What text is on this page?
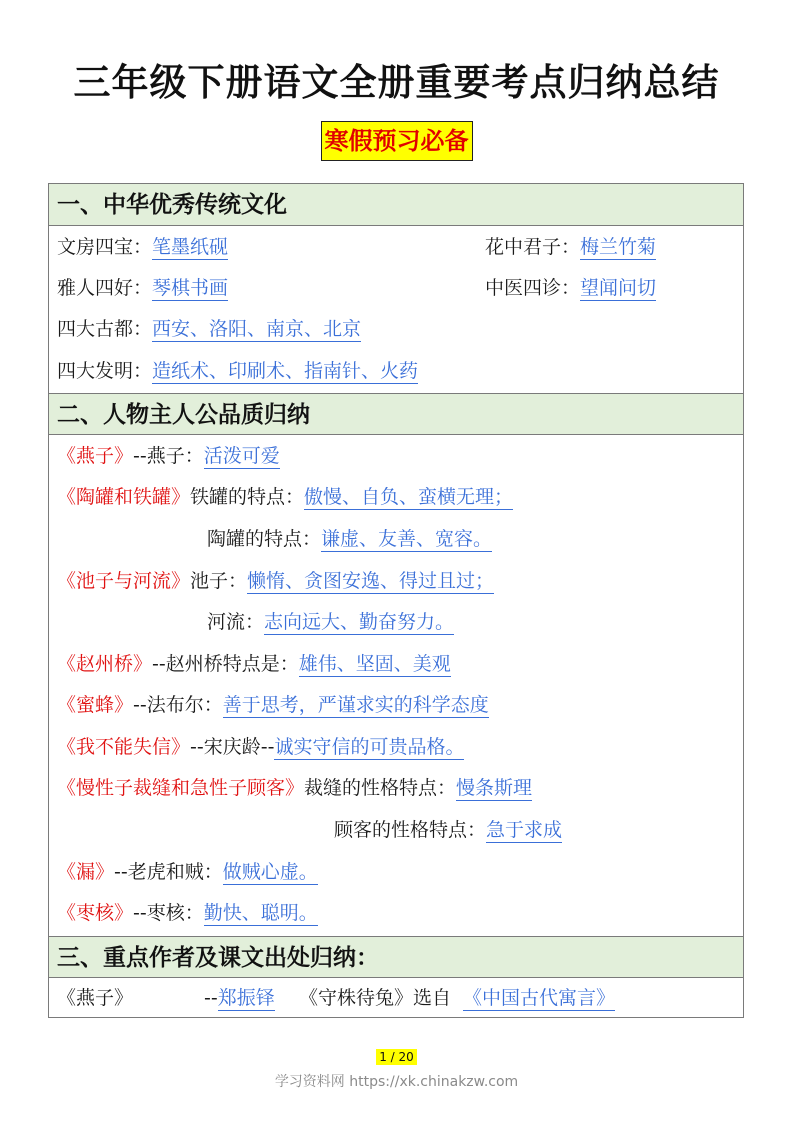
三年级下册语文全册重要考点归纳总结
寒假预习必备
一、中华优秀传统文化
文房四宝：笔墨纸砚	花中君子：梅兰竹菊
雅人四好：琴棋书画	中医四诊：望闻问切
四大古都：西安、洛阳、南京、北京
四大发明：造纸术、印刷术、指南针、火药
二、人物主人公品质归纳
《燕子》--燕子：活泼可爱
《陶罐和铁罐》铁罐的特点：傲慢、自负、蛮横无理；
陶罐的特点：谦虚、友善、宽容。
《池子与河流》池子：懒惰、贪图安逸、得过且过；
河流：志向远大、勤奋努力。
《赵州桥》--赵州桥特点是：雄伟、坚固、美观
《蜜蜂》--法布尔：善于思考，严谨求实的科学态度
《我不能失信》--宋庆龄--诚实守信的可贵品格。
《慢性子裁缝和急性子顾客》裁缝的性格特点：慢条斯理
顾客的性格特点：急于求成
《漏》--老虎和贼：做贼心虚。
《枣核》--枣核：勤快、聪明。
三、重点作者及课文出处归纳：
《燕子》	--郑振铎 《守株待兔》选自 《中国古代寓言》
1 / 20
学习资料网 https://xk.chinakzw.com
